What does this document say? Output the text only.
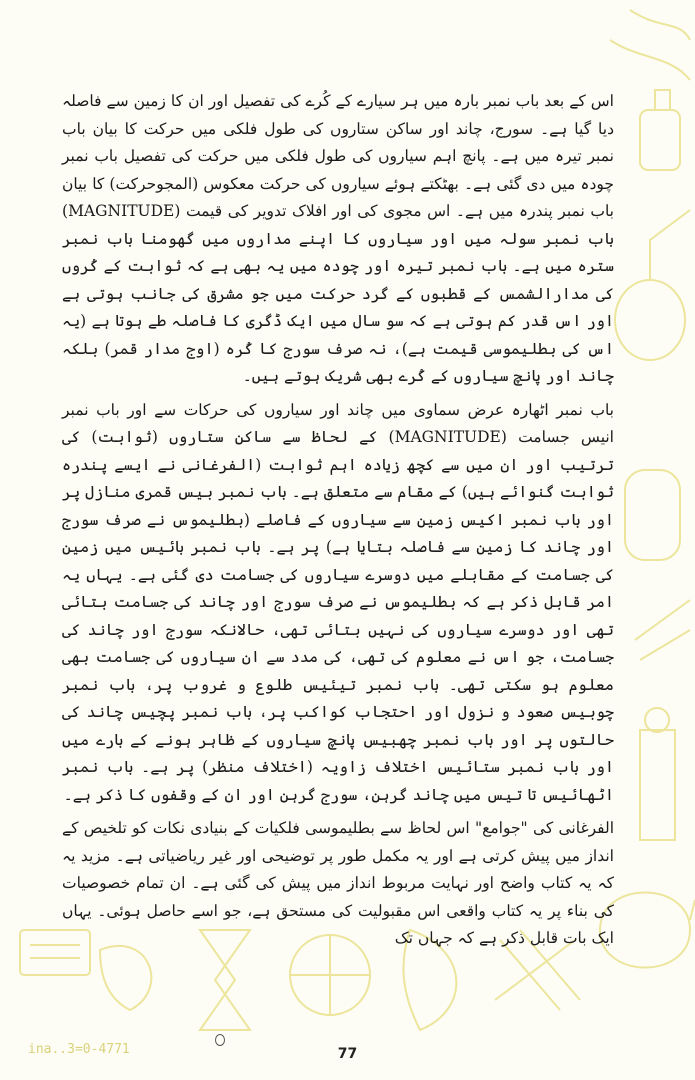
اس کے بعد باب نمبر بارہ میں ہر سیارے کے کُرے کی تفصیل اور ان کا زمین سے فاصلہ دیا گیا ہے۔ سورج، چاند اور ساکن ستاروں کی طول فلکی میں حرکت کا بیان باب نمبر تیرہ میں ہے۔ پانچ اہم سیاروں کی طول فلکی میں حرکت کی تفصیل باب نمبر چودہ میں دی گئی ہے۔ بھٹکتے ہوئے سیاروں کی حرکت معکوس (المجوحرکت) کا بیان باب نمبر پندرہ میں ہے۔ اس مجوی کی اور افلاک تدویر کی قیمت (MAGNITUDE) باب نمبر سولہ میں اور سیاروں کا اپنے مداروں میں گھومنا باب نمبر سترہ میں ہے۔ باب نمبر تیرہ اور چودہ میں یہ بھی ہے کہ ثوابت کے کُروں کی مدارالشمس کے قطبوں کے گرد حرکت میں جو مشرق کی جانب ہوتی ہے اور اس قدر کم ہوتی ہے کہ سو سال میں ایک ڈگری کا فاصلہ طے ہوتا ہے (یہ اس کی بطلیموسی قیمت ہے)، نہ صرف سورج کا کُرہ (اوج مدار قمر) بلکہ چاند اور پانچ سیاروں کے کُرے بھی شریک ہوتے ہیں۔

باب نمبر اٹھارہ عرض سماوی میں چاند اور سیاروں کی حرکات سے اور باب نمبر انیس جسامت (MAGNITUDE) کے لحاظ سے ساکن ستاروں (ثوابت) کی ترتیب اور ان میں سے کچھ زیادہ اہم ثوابت (الفرغانی نے ایسے پندرہ ثوابت گنوائے ہیں) کے مقام سے متعلق ہے۔ باب نمبر بیس قمری منازل پر اور باب نمبر اکیس زمین سے سیاروں کے فاصلے (بطلیموس نے صرف سورج اور چاند کا زمین سے فاصلہ بتایا ہے) پر ہے۔ باب نمبر بائیس میں زمین کی جسامت کے مقابلے میں دوسرے سیاروں کی جسامت دی گئی ہے۔ یہاں یہ امر قابل ذکر ہے کہ بطلیموس نے صرف سورج اور چاند کی جسامت بتائی تھی اور دوسرے سیاروں کی نہیں بتائی تھی، حالانکہ سورج اور چاند کی جسامت، جو اس نے معلوم کی تھی، کی مدد سے ان سیاروں کی جسامت بھی معلوم ہو سکتی تھی۔ باب نمبر تیئیس طلوع و غروب پر، باب نمبر چوبیس صعود و نزول اور احتجاب کواکب پر، باب نمبر پچیس چاند کی حالتوں پر اور باب نمبر چھبیس پانچ سیاروں کے ظاہر ہونے کے بارے میں اور باب نمبر ستائیس اختلاف زاویہ (اختلاف منظر) پر ہے۔ باب نمبر اٹھائیس تا تیس میں چاند گرہن، سورج گرہن اور ان کے وقفوں کا ذکر ہے۔

الفرغانی کی "جوامع" اس لحاظ سے بطلیموسی فلکیات کے بنیادی نکات کو تلخیص کے انداز میں پیش کرتی ہے اور یہ مکمل طور پر توضیحی اور غیر ریاضیاتی ہے۔ مزید یہ کہ یہ کتاب واضح اور نہایت مربوط انداز میں پیش کی گئی ہے۔ ان تمام خصوصیات کی بناء پر یہ کتاب واقعی اس مقبولیت کی مستحق ہے، جو اسے حاصل ہوئی۔ یہاں ایک بات قابل ذکر ہے کہ جہاں تک

ina..3=0-4771	77
